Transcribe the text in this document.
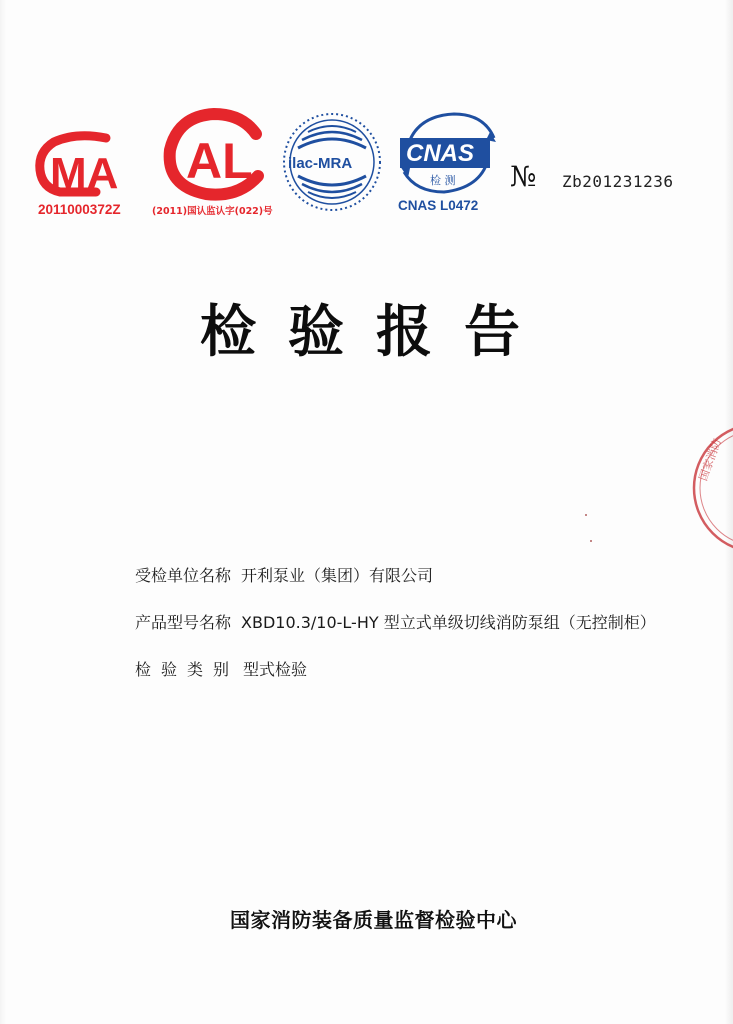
MA
2011000372Z
AL
(2011)国认监认字(022)号
ilac-MRA CNAS
检 测
CNAS L0472
№ Zb201231236
检验报告
国家消防
受检单位名称 开利泵业（集团）有限公司
产品型号名称 XBD10.3/10-L-HY 型立式单级切线消防泵组（无控制柜）
检验类别 型式检验
国家消防装备质量监督检验中心
